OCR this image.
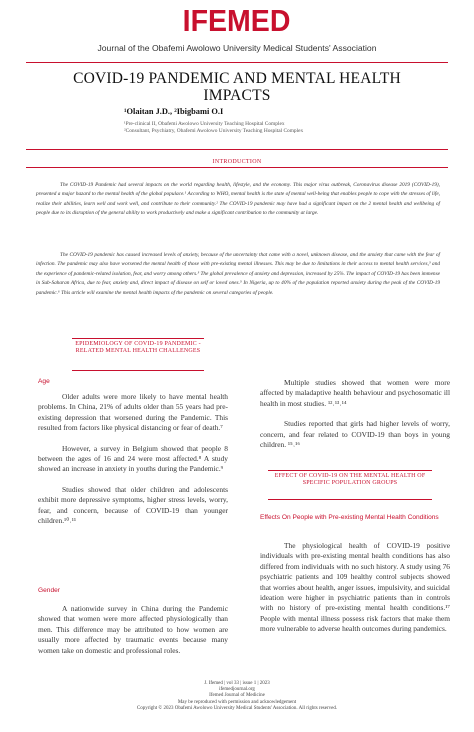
IFEMED
Journal of the Obafemi Awolowo University Medical Students' Association
COVID-19 PANDEMIC AND MENTAL HEALTH
IMPACTS
¹Olaitan J.D., ²Ibigbami O.I
¹Pre-clinical II, Obafemi Awolowo University Teaching Hospital Complex
²Consultant, Psychiatry, Obafemi Awolowo University Teaching Hospital Complex
INTRODUCTION

The COVID-19 Pandemic had several impacts on the world regarding health, lifestyle, and the economy. This major virus outbreak, Coronavirus disease 2019 (COVID-19), presented a major hazard to the mental health of the global populace.¹ According to WHO, mental health is the state of mental well-being that enables people to cope with the stresses of life, realize their abilities, learn well and work well, and contribute to their community.² The COVID-19 pandemic may have had a significant impact on the 2 mental health and wellbeing of people due to its disruption of the general ability to work productively and make a significant contribution to the community at large.

The COVID-19 pandemic has caused increased levels of anxiety, because of the uncertainty that came with a novel, unknown disease, and the anxiety that came with the fear of infection. The pandemic may also have worsened the mental health of those with pre-existing mental illnesses. This may be due to limitations in their access to mental health services,³ and the experience of pandemic-related isolation, fear, and worry among others.³ The global prevalence of anxiety and depression, increased by 25%. The impact of COVID-19 has been immense in Sub-Saharan Africa, due to fear, anxiety and, direct impact of disease on self or loved ones.⁵ In Nigeria, up to 40% of the population reported anxiety during the peak of the COVID-19 pandemic.⁶ This article will examine the mental health impacts of the pandemic on several categories of people.

EPIDEMIOLOGY OF COVID-19 PANDEMIC -RELATED MENTAL HEALTH CHALLENGES
Age

Older adults were more likely to have mental health problems. In China, 21% of adults older than 55 years had pre-existing depression that worsened during the Pandemic. This resulted from factors like physical distancing or fear of death.⁷

However, a survey in Belgium showed that people 8 between the ages of 16 and 24 were most affected.⁸ A study showed an increase in anxiety in youths during the Pandemic.⁹

Studies showed that older children and adolescents exhibit more depressive symptoms, higher stress levels, worry, fear, and concern, because of COVID-19 than younger children.¹⁰˒¹¹

Gender

A nationwide survey in China during the Pandemic showed that women were more affected physiologically than men. This difference may be attributed to how women are usually more affected by traumatic events because many women take on domestic and professional roles.

Multiple studies showed that women were more affected by maladaptive health behaviour and psychosomatic ill health in most studies. ¹²˒¹³˒¹⁴

Studies reported that girls had higher levels of worry, concern, and fear related to COVID-19 than boys in young children. ¹⁵˒¹⁶

EFFECT OF COVID-19 ON THE MENTAL HEALTH OF SPECIFIC POPULATION GROUPS
Effects On People with Pre-existing Mental Health Conditions

The physiological health of COVID-19 positive individuals with pre-existing mental health conditions has also differed from individuals with no such history. A study using 76 psychiatric patients and 109 healthy control subjects showed that worries about health, anger issues, impulsivity, and suicidal ideation were higher in psychiatric patients than in controls with no history of pre-existing mental health conditions.¹⁷ People with mental illness possess risk factors that make them more vulnerable to adverse health outcomes during pandemics.

J. Ifemed | vol 33 | issue 1 | 2023
ifemedjournal.org
Ifemed Journal of Medicine
May be reproduced with permission and acknowledgement
Copyright © 2023 Obafemi Awolowo University Medical Students' Association. All rights reserved.
